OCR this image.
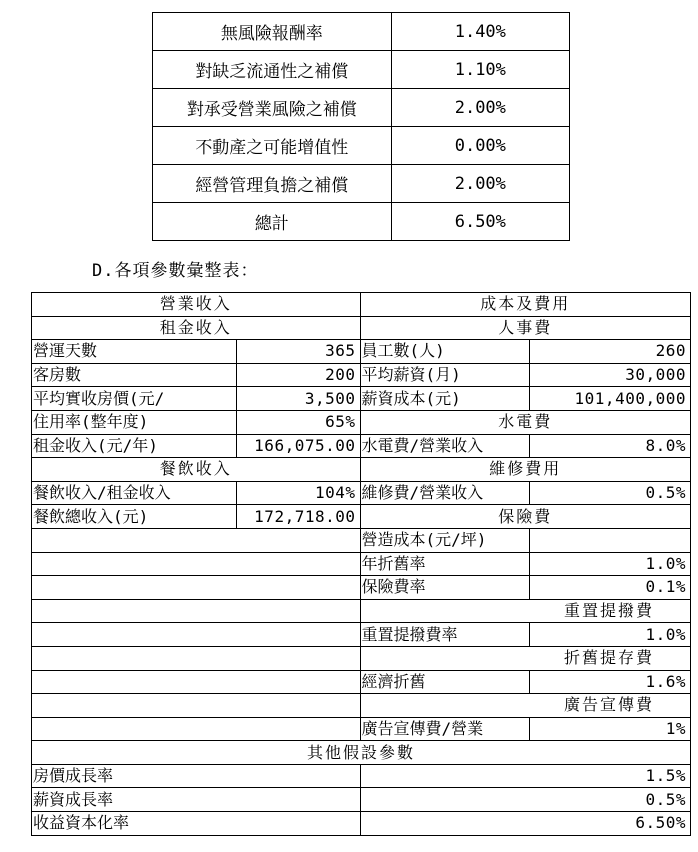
無風險報酬率	1.40%
對缺乏流通性之補償	1.10%
對承受營業風險之補償	2.00%
不動產之可能增值性	0.00%
經營管理負擔之補償	2.00%
總計	6.50%
D.各項參數彙整表：
營業收入		成本及費用	
租金收入		人事費	
營運天數	365	員工數(人)	260
客房數	200	平均薪資(月)	30,000
平均實收房價(元/	3,500	薪資成本(元)	101,400,000
住用率(整年度)	65%	水電費	
租金收入(元/年)	166,075.00	水電費/營業收入	8.0%
餐飲收入		維修費用	
餐飲收入/租金收入	104%	維修費/營業收入	0.5%
餐飲總收入(元)	172,718.00	保險費	
		營造成本(元/坪)	
		年折舊率	1.0%
		保險費率	0.1%
		重置提撥費	
		重置提撥費率	1.0%
		折舊提存費	
		經濟折舊	1.6%
		廣告宣傳費	
		廣告宣傳費/營業	1%
其他假設參數			
房價成長率		1.5%	
薪資成長率		0.5%	
收益資本化率		6.50%	
